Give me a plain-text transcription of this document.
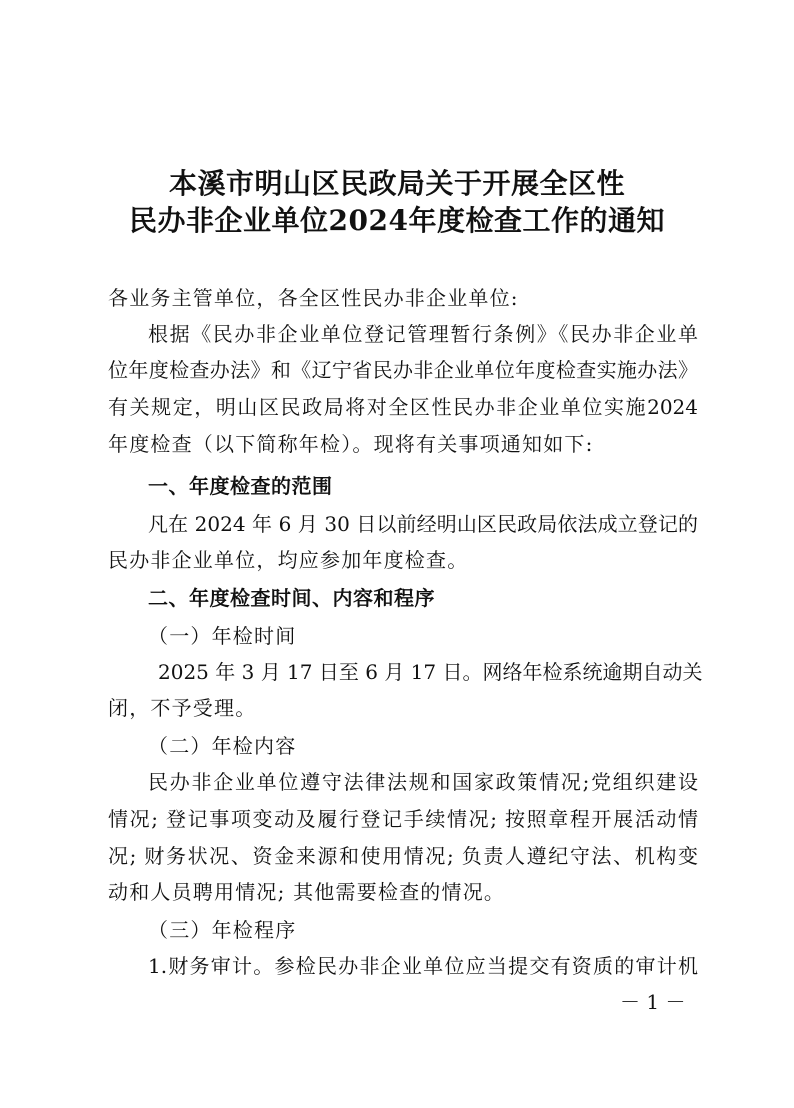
本溪市明山区民政局关于开展全区性
民办非企业单位2024年度检查工作的通知
各业务主管单位，各全区性民办非企业单位:
根据《民办非企业单位登记管理暂行条例》《民办非企业单
位年度检查办法》和《辽宁省民办非企业单位年度检查实施办法》
有关规定，明山区民政局将对全区性民办非企业单位实施2024
年度检查（以下简称年检）。现将有关事项通知如下:
一、年度检查的范围
凡在 2024 年 6 月 30 日以前经明山区民政局依法成立登记的
民办非企业单位，均应参加年度检查。
二、年度检查时间、内容和程序
（一）年检时间
2025 年 3 月 17 日至 6 月 17 日。网络年检系统逾期自动关
闭，不予受理。
（二）年检内容
民办非企业单位遵守法律法规和国家政策情况;党组织建设
情况; 登记事项变动及履行登记手续情况; 按照章程开展活动情
况; 财务状况、资金来源和使用情况; 负责人遵纪守法、机构变
动和人员聘用情况; 其他需要检查的情况。
（三）年检程序
1.财务审计。参检民办非企业单位应当提交有资质的审计机
－ 1 －
